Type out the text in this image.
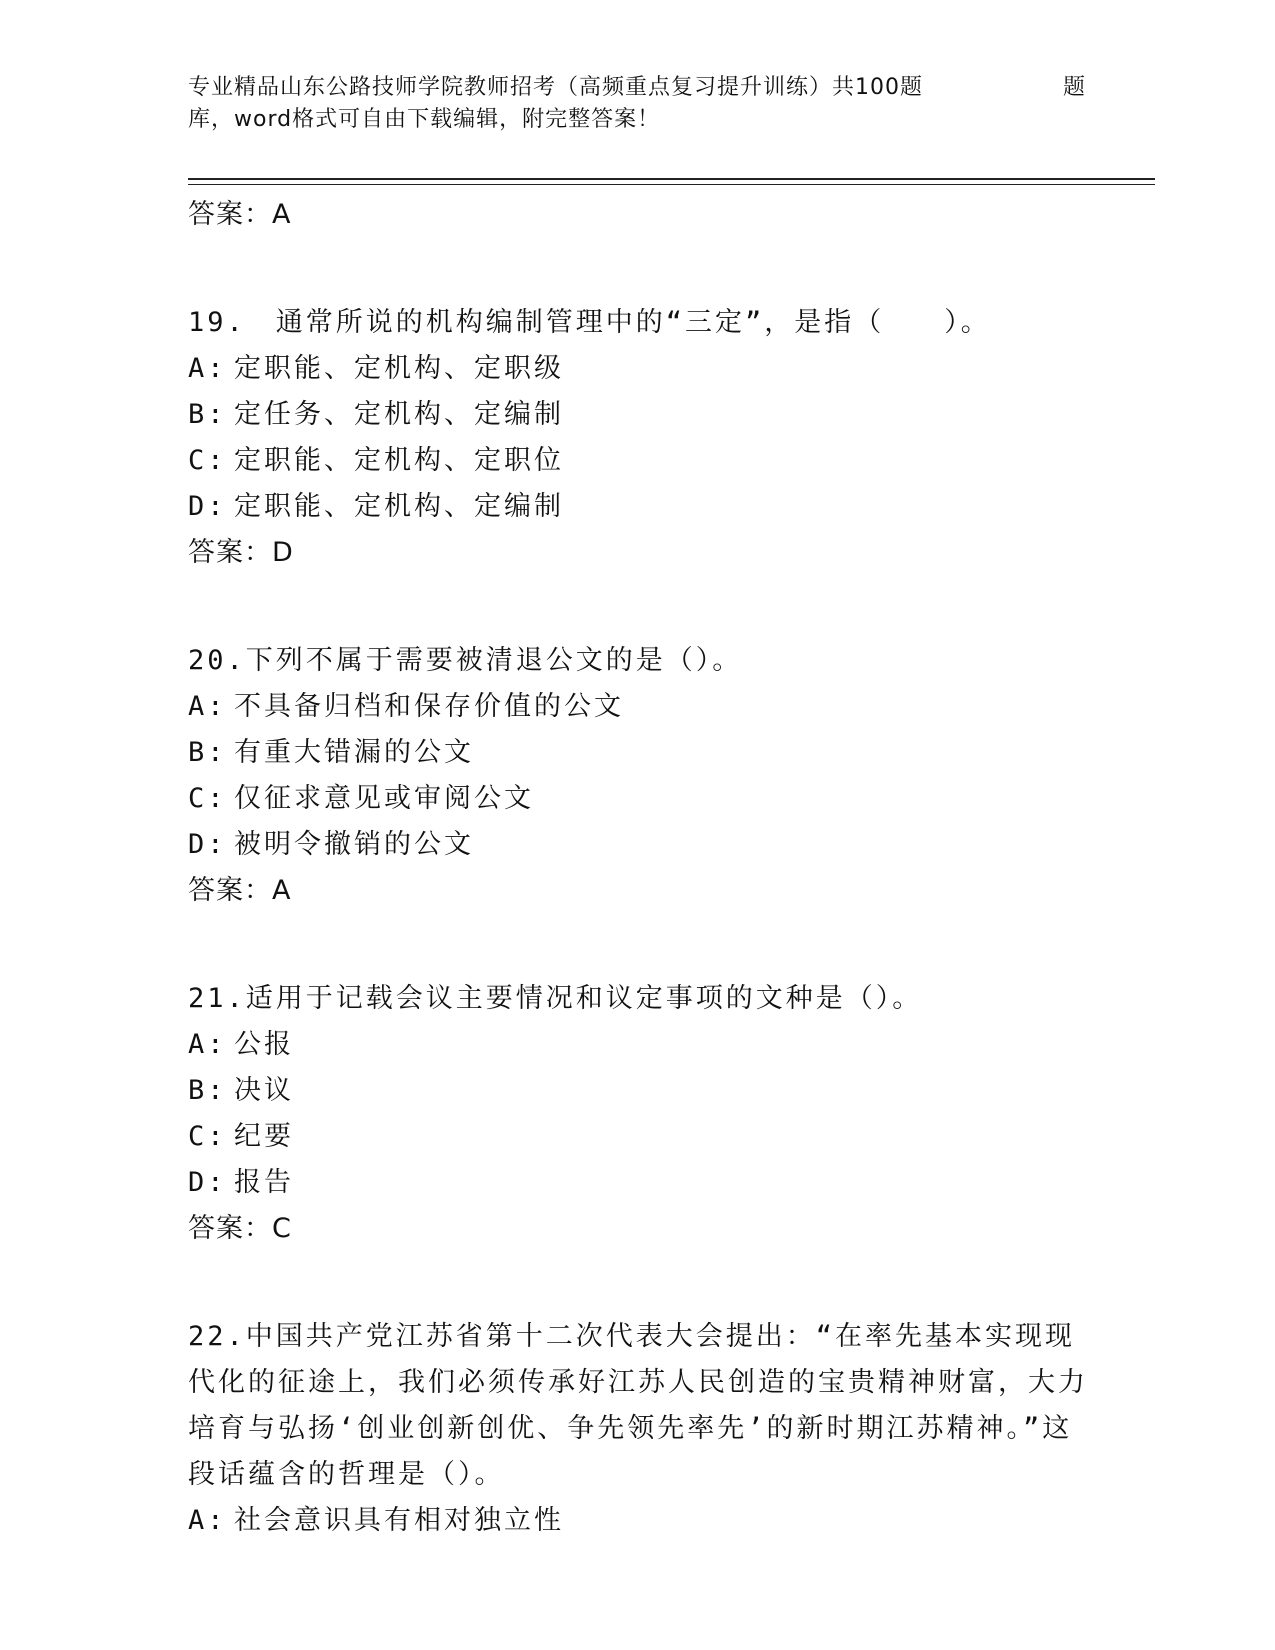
专业精品山东公路技师学院教师招考（高频重点复习提升训练）共100题	题
库，word格式可自由下载编辑，附完整答案！
答案：A
19.　通常所说的机构编制管理中的“三定”，是指（　　）。
A: 定职能、定机构、定职级
B: 定任务、定机构、定编制
C: 定职能、定机构、定职位
D: 定职能、定机构、定编制
答案：D
20.下列不属于需要被清退公文的是（）。
A: 不具备归档和保存价值的公文
B: 有重大错漏的公文
C: 仅征求意见或审阅公文
D: 被明令撤销的公文
答案：A
21.适用于记载会议主要情况和议定事项的文种是（）。
A: 公报
B: 决议
C: 纪要
D: 报告
答案：C
22.中国共产党江苏省第十二次代表大会提出：“在率先基本实现现代化的征途上，我们必须传承好江苏人民创造的宝贵精神财富，大力培育与弘扬‘创业创新创优、争先领先率先’的新时期江苏精神。”这段话蕴含的哲理是（）。
A: 社会意识具有相对独立性
